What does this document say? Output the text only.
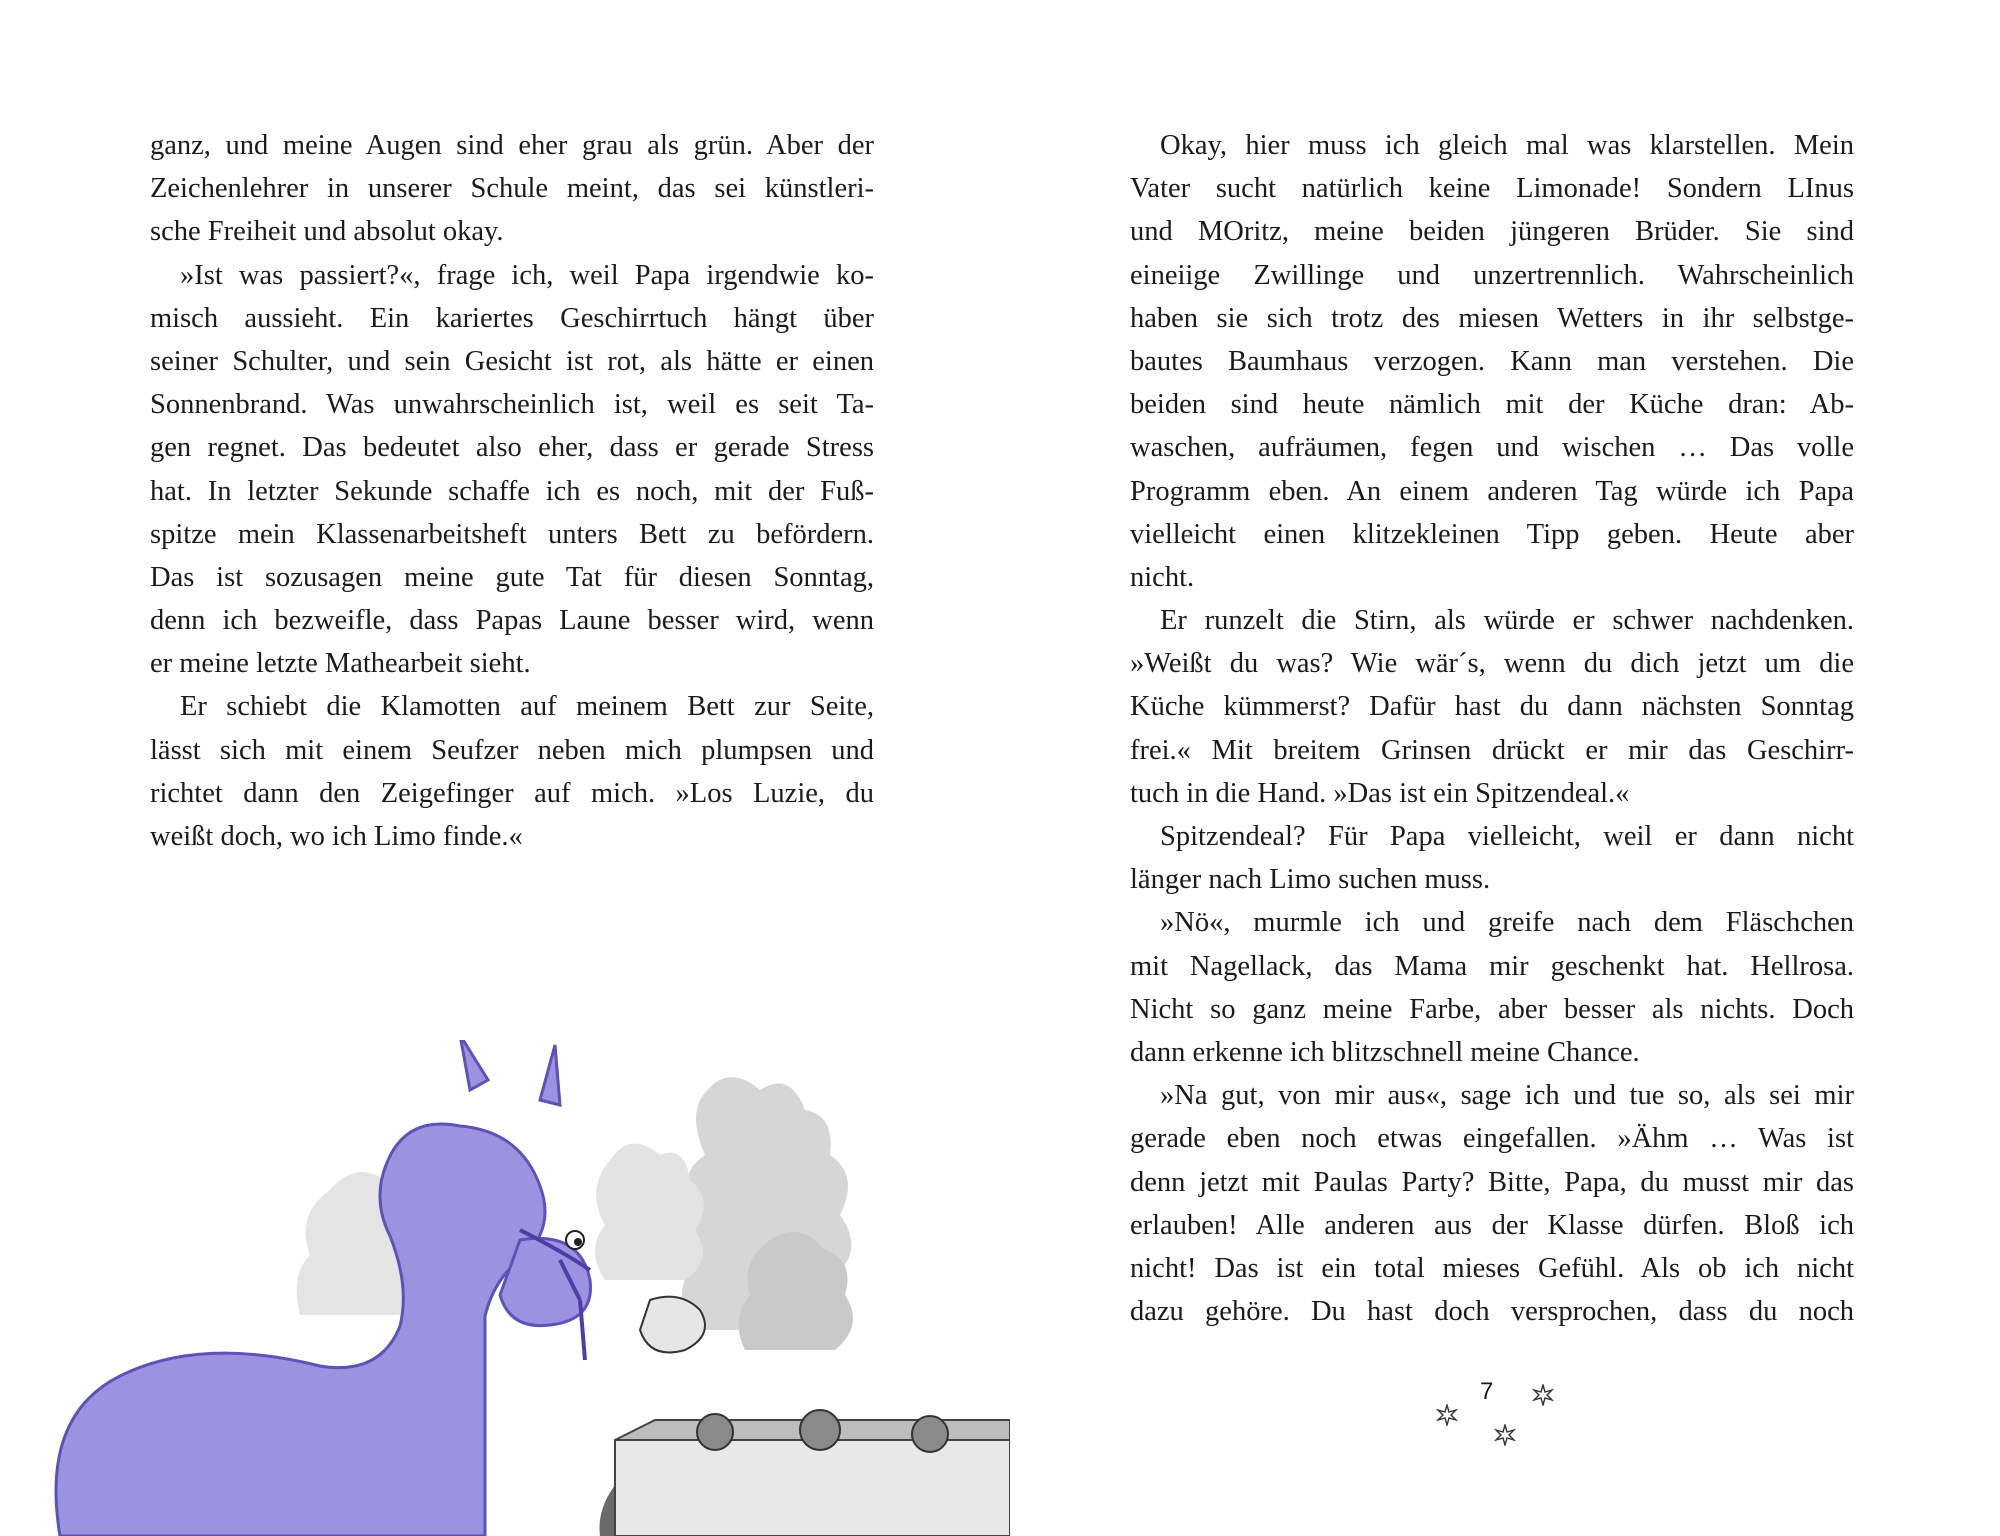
ganz, und meine Augen sind eher grau als grün. Aber der
Zeichenlehrer in unserer Schule meint, das sei künstleri-
sche Freiheit und absolut okay.
»Ist was passiert?«, frage ich, weil Papa irgendwie ko-
misch aussieht. Ein kariertes Geschirrtuch hängt über
seiner Schulter, und sein Gesicht ist rot, als hätte er einen
Sonnenbrand. Was unwahrscheinlich ist, weil es seit Ta-
gen regnet. Das bedeutet also eher, dass er gerade Stress
hat. In letzter Sekunde schaffe ich es noch, mit der Fuß-
spitze mein Klassenarbeitsheft unters Bett zu befördern.
Das ist sozusagen meine gute Tat für diesen Sonntag,
denn ich bezweifle, dass Papas Laune besser wird, wenn
er meine letzte Mathearbeit sieht.
Er schiebt die Klamotten auf meinem Bett zur Seite,
lässt sich mit einem Seufzer neben mich plumpsen und
richtet dann den Zeigefinger auf mich. »Los Luzie, du
weißt doch, wo ich Limo finde.«
Okay, hier muss ich gleich mal was klarstellen. Mein
Vater sucht natürlich keine Limonade! Sondern LInus
und MOritz, meine beiden jüngeren Brüder. Sie sind
eineiige Zwillinge und unzertrennlich. Wahrscheinlich
haben sie sich trotz des miesen Wetters in ihr selbstge-
bautes Baumhaus verzogen. Kann man verstehen. Die
beiden sind heute nämlich mit der Küche dran: Ab-
waschen, aufräumen, fegen und wischen … Das volle
Programm eben. An einem anderen Tag würde ich Papa
vielleicht einen klitzekleinen Tipp geben. Heute aber
nicht.
Er runzelt die Stirn, als würde er schwer nachdenken.
»Weißt du was? Wie wär´s, wenn du dich jetzt um die
Küche kümmerst? Dafür hast du dann nächsten Sonntag
frei.« Mit breitem Grinsen drückt er mir das Geschirr-
tuch in die Hand. »Das ist ein Spitzendeal.«
Spitzendeal? Für Papa vielleicht, weil er dann nicht
länger nach Limo suchen muss.
»Nö«, murmle ich und greife nach dem Fläschchen
mit Nagellack, das Mama mir geschenkt hat. Hellrosa.
Nicht so ganz meine Farbe, aber besser als nichts. Doch
dann erkenne ich blitzschnell meine Chance.
»Na gut, von mir aus«, sage ich und tue so, als sei mir
gerade eben noch etwas eingefallen. »Ähm … Was ist
denn jetzt mit Paulas Party? Bitte, Papa, du musst mir das
erlauben! Alle anderen aus der Klasse dürfen. Bloß ich
nicht! Das ist ein total mieses Gefühl. Als ob ich nicht
dazu gehöre. Du hast doch versprochen, dass du noch
7
